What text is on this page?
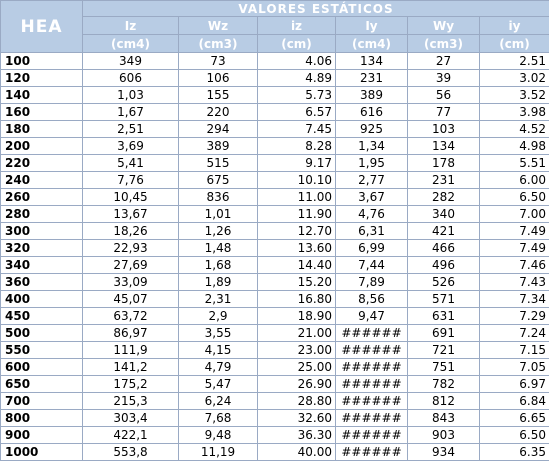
HEA	VALORES ESTÁTICOS					
	Iz	Wz	iz	Iy	Wy	iy
	(cm4)	(cm3)	(cm)	(cm4)	(cm3)	(cm)
100	349	73	4.06	134	27	2.51
120	606	106	4.89	231	39	3.02
140	1,03	155	5.73	389	56	3.52
160	1,67	220	6.57	616	77	3.98
180	2,51	294	7.45	925	103	4.52
200	3,69	389	8.28	1,34	134	4.98
220	5,41	515	9.17	1,95	178	5.51
240	7,76	675	10.10	2,77	231	6.00
260	10,45	836	11.00	3,67	282	6.50
280	13,67	1,01	11.90	4,76	340	7.00
300	18,26	1,26	12.70	6,31	421	7.49
320	22,93	1,48	13.60	6,99	466	7.49
340	27,69	1,68	14.40	7,44	496	7.46
360	33,09	1,89	15.20	7,89	526	7.43
400	45,07	2,31	16.80	8,56	571	7.34
450	63,72	2,9	18.90	9,47	631	7.29
500	86,97	3,55	21.00	######	691	7.24
550	111,9	4,15	23.00	######	721	7.15
600	141,2	4,79	25.00	######	751	7.05
650	175,2	5,47	26.90	######	782	6.97
700	215,3	6,24	28.80	######	812	6.84
800	303,4	7,68	32.60	######	843	6.65
900	422,1	9,48	36.30	######	903	6.50
1000	553,8	11,19	40.00	######	934	6.35
